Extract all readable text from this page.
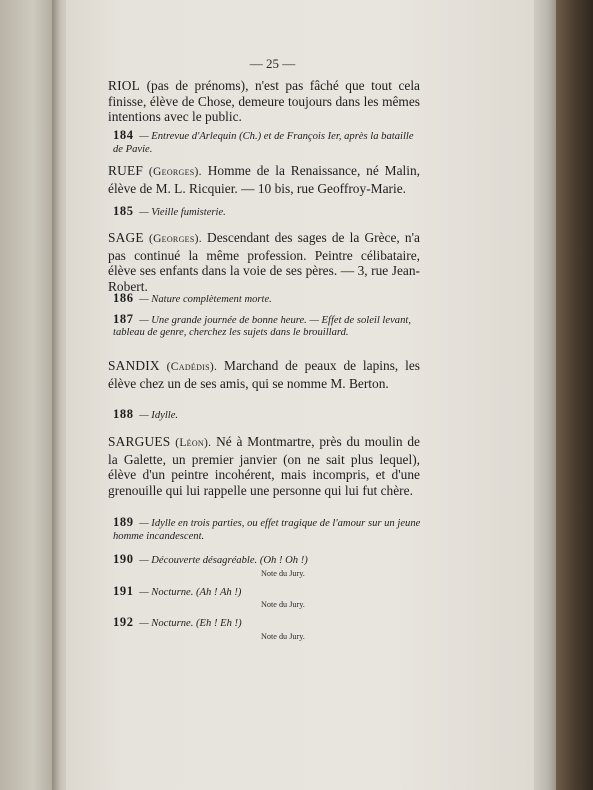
— 25 —
RIOL (pas de prénoms), n'est pas fâché que tout cela finisse, élève de Chose, demeure toujours dans les mêmes intentions avec le public.

184 — Entrevue d'Arlequin (Ch.) et de François Ier, après la bataille de Pavie.

RUEF (Georges). Homme de la Renaissance, né Malin, élève de M. L. Ricquier. — 10 bis, rue Geoffroy-Marie.

185 — Vieille fumisterie.

SAGE (Georges). Descendant des sages de la Grèce, n'a pas continué la même profession. Peintre célibataire, élève ses enfants dans la voie de ses pères. — 3, rue Jean-Robert.

186 — Nature complètement morte.

187 — Une grande journée de bonne heure. — Effet de soleil levant, tableau de genre, cherchez les sujets dans le brouillard.

SANDIX (Cadédis). Marchand de peaux de lapins, les élève chez un de ses amis, qui se nomme M. Berton.

188 — Idylle.

SARGUES (Léon). Né à Montmartre, près du moulin de la Galette, un premier janvier (on ne sait plus lequel), élève d'un peintre incohérent, mais incompris, et d'une grenouille qui lui rappelle une personne qui lui fut chère.

189 — Idylle en trois parties, ou effet tragique de l'amour sur un jeune homme incandescent.

190 — Découverte désagréable. (Oh ! Oh !)

Note du Jury.

191 — Nocturne. (Ah ! Ah !)

Note du Jury.

192 — Nocturne. (Eh ! Eh !)

Note du Jury.
